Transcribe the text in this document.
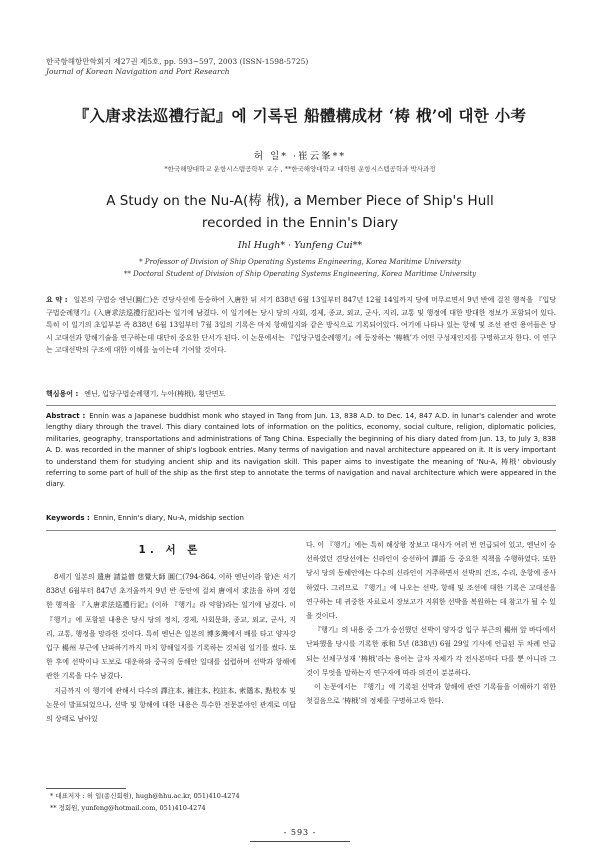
한국항해항만학회지 제27권 제5호, pp. 593~597, 2003 (ISSN-1598-5725)
Journal of Korean Navigation and Port Research
『入唐求法巡禮行記』에 기록된 船體構成材 ‘梼 栰’에 대한 小考
허 일* ·崔云峯**
*한국해양대학교 운항시스템공학부 교수 , **한국해양대학교 대학원 운항시스템공학과 박사과정
A Study on the Nu-A(梼 栰), a Member Piece of Ship's Hull
recorded in the Ennin's Diary
Ihl Hugh* · Yunfeng Cui**
* Professor of Division of Ship Operating Systems Engineering, Korea Maritime University
** Doctoral Student of Division of Ship Operating Systems Engineering, Korea Maritime University
요 약 : 일본의 구법승 엔닌(圓仁)은 견당사선에 동승하여 入唐한 뒤 서기 838년 6월 13일부터 847년 12월 14일까지 당에 머무르면서 9년 반에 걸친 행적을 『입당구법순례행기』(入唐求法巡禮行記)라는 일기에 남겼다. 이 일기에는 당시 당의 사회, 경제, 종교, 외교, 군사, 지리, 교통 및 행정에 대한 방대한 정보가 포함되어 있다. 특히 이 일기의 초입부분 즉 838년 6월 13일부터 7월 3일의 기록은 마치 항해일지와 같은 방식으로 기록되어있다. 여기에 나타나 있는 항해 및 조선 관련 용어들은 당시 고대선과 항해기술을 연구하는데 대단히 중요한 단서가 된다. 이 논문에서는 『입당구법순례행기』에 등장하는 ‘梼栰’가 어떤 구성재인지를 구명하고자 한다. 이 연구는 고대선박의 구조에 대한 이해를 높이는데 기여할 것이다.
핵심용어 : 엔닌, 입당구법순례행기, 누아(梼栰), 횡단면도
Abstract : Ennin was a Japanese buddhist monk who stayed in Tang from Jun. 13, 838 A.D. to Dec. 14, 847 A.D. in lunar's calender and wrote lengthy diary through the travel. This diary contained lots of information on the politics, economy, social culture, religion, diplomatic policies, militaries, geography, transportations and administrations of Tang China. Especially the beginning of his diary dated from Jun. 13, to July 3, 838 A. D. was recorded in the manner of ship's logbook entries. Many terms of navigation and naval architecture appeared on it. It is very important to understand them for studying ancient ship and its navigation skill. This paper aims to investigate the meaning of 'Nu-A, 梼栰' obviously referring to some part of hull of the ship as the first step to annotate the terms of navigation and naval architecture which were appeared in the diary.
Keywords : Ennin, Ennin's diary, Nu-A, midship section
1. 서 론

8세기 일본의 遣唐 請益僧 慈覺大師 圓仁(794-864, 이하 엔닌이라 함)은 서기 838년 6월부터 847년 초겨울까지 9년 반 동안에 걸쳐 唐에서 求法을 하며 경험한 행적을 『入唐求法巡禮行記』(이하 『행기』라 약함)라는 일기에 남겼다. 이 『행기』에 포함된 내용은 당시 당의 정치, 경제, 사회문화, 종교, 외교, 군사, 지리, 교통, 행정을 망라한 것이다. 특히 엔닌은 일본의 博多灣에서 배를 타고 양자강 입구 楊州 부근에 난파하기까지 마치 항해일지를 기록하는 것처럼 일기를 썼다. 또한 후에 선박이나 도보로 대운하와 중국의 동해안 일대를 섭렵하며 선박과 항해에 관한 기록을 다수 남겼다.

지금까지 이 행기에 관해서 다수의 譯注本, 補注本, 校註本, 索隱本, 點校本 및 논문이 발표되었으나, 선박 및 항해에 대한 내용은 특수한 전문분야인 관계로 미답의 상태로 남아있

다. 이 『행기』에는 특히 해상왕 장보고 대사가 여러 번 언급되어 있고, 엔닌이 승선하였던 견당선에는 신라인이 승선하여 譯語 등 중요한 직책을 수행하였다. 또한 당시 당의 동해안에는 다수의 신라인이 거주하면서 선박의 건조, 수리, 운항에 종사하였다. 그러므로 『행기』에 나오는 선박, 항해 및 조선에 대한 기록은 고대선을 연구하는 데 귀중한 자료로서 장보고가 지휘한 선박을 복원하는 데 참고가 될 수 있을 것이다.

『행기』의 내용 중 그가 승선했던 선박이 양자강 입구 부근의 楊州 앞 바다에서 난파했을 당시를 기록한 承和 5년 (838년) 6월 29일 기사에 언급된 두 차례 언급되는 선체구성재 ‘梼栰’라는 용어는 글자 자체가 각 전사본마다 다를 뿐 아니라 그것이 무엇을 말하는지 연구자에 따라 의견이 분분하다.

이 논문에서는 『행기』에 기록된 선박과 항해에 관련 기록들을 이해하기 위한 첫걸음으로 ‘梼栰’의 정체를 구명하고자 한다.

* 대표저자 : 허 일(종신회원), hugh@hhu.ac.kr, 051)410-4274
** 정회원, yunfeng@hotmail.com, 051)410-4274
- 593 -
